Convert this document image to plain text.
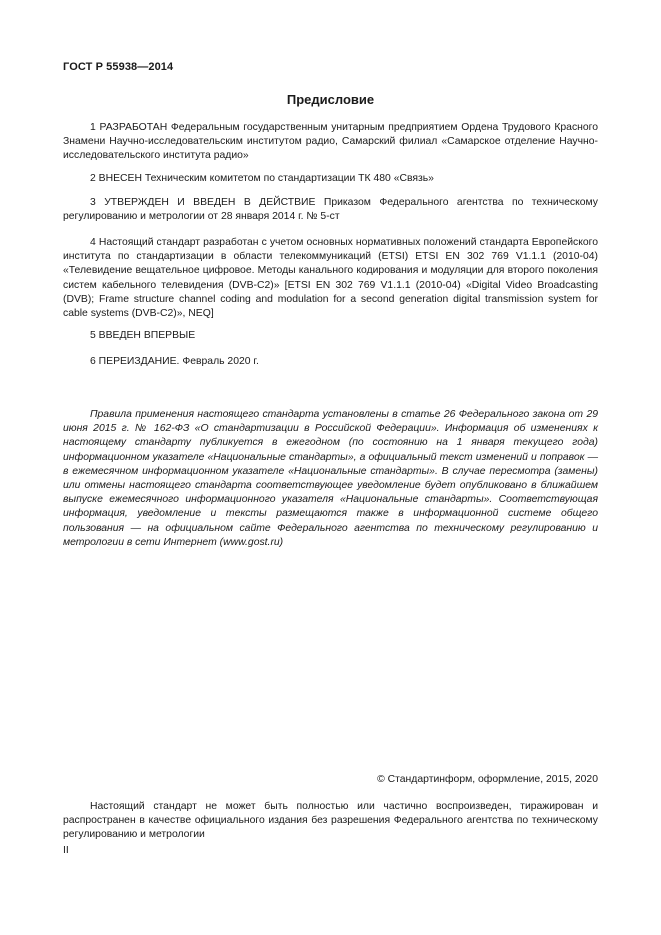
ГОСТ Р 55938—2014
Предисловие

1 РАЗРАБОТАН Федеральным государственным унитарным предприятием Ордена Трудового Красного Знамени Научно-исследовательским институтом радио, Самарский филиал «Самарское отделение Научно-исследовательского института радио»

2 ВНЕСЕН Техническим комитетом по стандартизации ТК 480 «Связь»

3 УТВЕРЖДЕН И ВВЕДЕН В ДЕЙСТВИЕ Приказом Федерального агентства по техническому регулированию и метрологии от 28 января 2014 г. № 5-ст

4 Настоящий стандарт разработан с учетом основных нормативных положений стандарта Европейского института по стандартизации в области телекоммуникаций (ETSI) ETSI EN 302 769 V1.1.1 (2010-04) «Телевидение вещательное цифровое. Методы канального кодирования и модуляции для второго поколения систем кабельного телевидения (DVB-C2)» [ETSI EN 302 769 V1.1.1 (2010-04) «Digital Video Broadcasting (DVB); Frame structure channel coding and modulation for a second generation digital transmission system for cable systems (DVB-C2)», NEQ]

5 ВВЕДЕН ВПЕРВЫЕ

6 ПЕРЕИЗДАНИЕ. Февраль 2020 г.

Правила применения настоящего стандарта установлены в статье 26 Федерального закона от 29 июня 2015 г. № 162-ФЗ «О стандартизации в Российской Федерации». Информация об изменениях к настоящему стандарту публикуется в ежегодном (по состоянию на 1 января текущего года) информационном указателе «Национальные стандарты», а официальный текст изменений и поправок — в ежемесячном информационном указателе «Национальные стандарты». В случае пересмотра (замены) или отмены настоящего стандарта соответствующее уведомление будет опубликовано в ближайшем выпуске ежемесячного информационного указателя «Национальные стандарты». Соответствующая информация, уведомление и тексты размещаются также в информационной системе общего пользования — на официальном сайте Федерального агентства по техническому регулированию и метрологии в сети Интернет (www.gost.ru)

© Стандартинформ, оформление, 2015, 2020

Настоящий стандарт не может быть полностью или частично воспроизведен, тиражирован и распространен в качестве официального издания без разрешения Федерального агентства по техническому регулированию и метрологии

II
